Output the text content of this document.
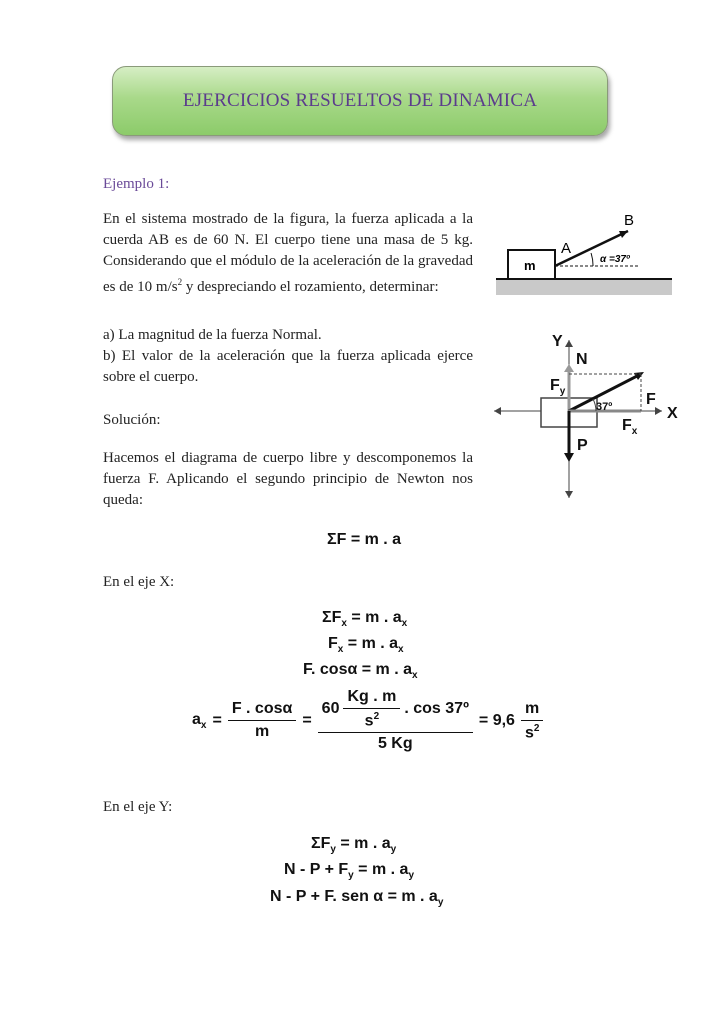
EJERCICIOS RESUELTOS DE DINAMICA
Ejemplo 1:

En el sistema mostrado de la figura, la fuerza aplicada a la cuerda AB es de 60 N. El cuerpo tiene una masa de 5 kg. Considerando que el módulo de la aceleración de la gravedad es de 10 $m/s^2$ y despreciando el rozamiento, determinar:

a) La magnitud de la fuerza Normal.

b) El valor de la aceleración que la fuerza aplicada ejerce sobre el cuerpo.

Solución:

Hacemos el diagrama de cuerpo libre y descomponemos la fuerza F. Aplicando el segundo principio de Newton nos queda:

m
A
B
α =37º
Y
N
$F_y$	F
37º	X
$F_x$
P
ΣF = m . a
En el eje X:
$\Sigma F_x = m$ . $a_x$
$F_x = m$ . $a_x$
F. cosα = m . $a_x$
$a_x = \frac{F . \cos\alpha}{m} = \frac{60 \frac{Kg . m}{s^2} . \cos 37º}{5 Kg} = 9,6 \frac{m}{s^2}$
En el eje Y:
$\Sigma F_y = m$ . $a_y$
$N - P + F_y = m$ . $a_y$
N - P + F. sen α = m . $a_y$
